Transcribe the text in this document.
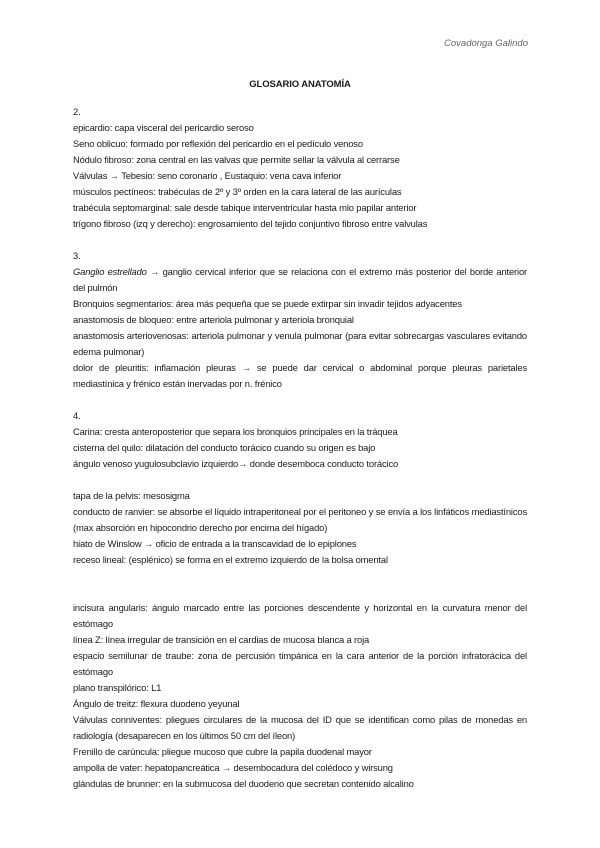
Covadonga Galindo
GLOSARIO ANATOMÍA
2.

epicardio: capa visceral del pericardio seroso

Seno oblicuo: formado por reflexión del pericardio en el pedículo venoso

Nódulo fibroso: zona central en las valvas que permite sellar la válvula al cerrarse

Válvulas → Tebesio: seno coronario , Eustaquio: vena cava inferior

músculos pectíneos: trabéculas de 2º y 3º orden en la cara lateral de las aurículas

trabécula septomarginal: sale desde tabique interventricular hasta mlo papilar anterior

trígono fibroso (izq y derecho): engrosamiento del tejido conjuntivo fibroso entre valvulas

3.

Ganglio estrellado → ganglio cervical inferior que se relaciona con el extremo más posterior del borde anterior del pulmón

Bronquios segmentarios: área más pequeña que se puede extirpar sin invadir tejidos adyacentes

anastomosis de bloqueo: entre arteriola pulmonar y arteriola bronquial

anastomosis arteriovenosas: arteriola pulmonar y venula pulmonar (para evitar sobrecargas vasculares evitando edema pulmonar)

dolor de pleuritis: inflamación pleuras → se puede dar cervical o abdominal porque pleuras parietales mediastínica y frénico están inervadas por n. frénico

4.

Carina: cresta anteroposterior que separa los bronquios principales en la tráquea

cisterna del quilo: dilatación del conducto torácico cuando su origen es bajo

ángulo venoso yugulosubclavio izquierdo→ donde desemboca conducto torácico

tapa de la pelvis: mesosigma

conducto de ranvier: se absorbe el líquido intraperitoneal por el peritoneo y se envía a los linfáticos mediastínicos (max absorción en hipocondrio derecho por encima del hígado)

hiato de Winslow → oficio de entrada a la transcavidad de lo epiplones

receso lineal: (esplénico) se forma en el extremo izquierdo de la bolsa omental

incisura angularis: ángulo marcado entre las porciones descendente y horizontal en la curvatura menor del estómago

línea Z: línea irregular de transición en el cardias de mucosa blanca a roja

espacio semilunar de traube: zona de percusión timpánica en la cara anterior de la porción infratorácica del estómago

plano transpilórico: L1

Ángulo de treitz: flexura duodeno yeyunal

Válvulas conniventes: pliegues circulares de la mucosa del ID que se identifican como pilas de monedas en radiología (desaparecen en los últimos 50 cm del íleon)

Frenillo de carúncula: pliegue mucoso que cubre la papila duodenal mayor

ampolla de vater: hepatopancreática → desembocadura del colédoco y wirsung

glándulas de brunner: en la submucosa del duodeno que secretan contenido alcalino
